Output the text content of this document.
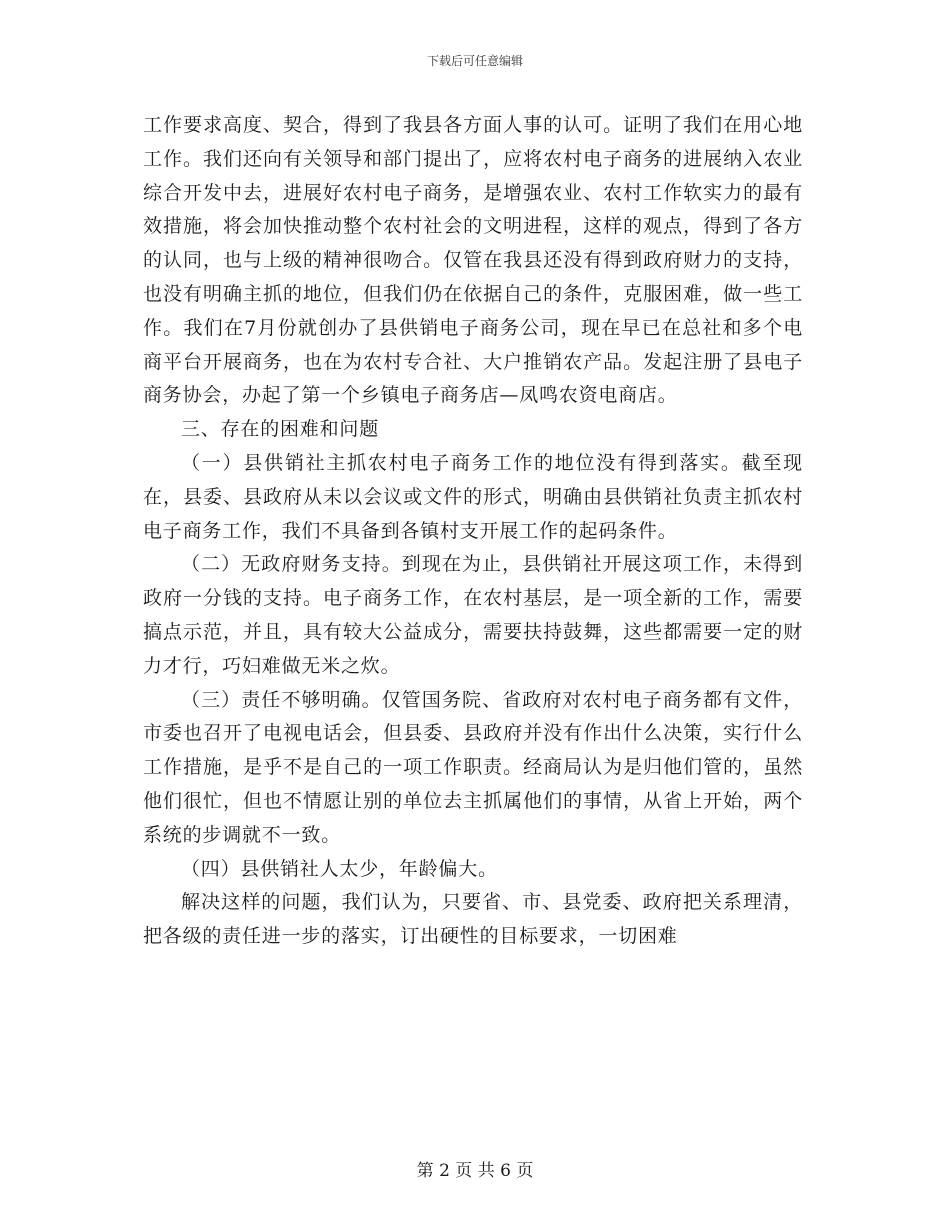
下载后可任意编辑

工作要求高度、契合，得到了我县各方面人事的认可。证明了我们在用心地工作。我们还向有关领导和部门提出了，应将农村电子商务的进展纳入农业综合开发中去，进展好农村电子商务，是增强农业、农村工作软实力的最有效措施，将会加快推动整个农村社会的文明进程，这样的观点，得到了各方的认同，也与上级的精神很吻合。仅管在我县还没有得到政府财力的支持，也没有明确主抓的地位，但我们仍在依据自己的条件，克服困难，做一些工作。我们在7月份就创办了县供销电子商务公司，现在早已在总社和多个电商平台开展商务，也在为农村专合社、大户推销农产品。发起注册了县电子商务协会，办起了第一个乡镇电子商务店—凤鸣农资电商店。

三、存在的困难和问题

（一）县供销社主抓农村电子商务工作的地位没有得到落实。截至现在，县委、县政府从未以会议或文件的形式，明确由县供销社负责主抓农村电子商务工作，我们不具备到各镇村支开展工作的起码条件。

（二）无政府财务支持。到现在为止，县供销社开展这项工作，未得到政府一分钱的支持。电子商务工作，在农村基层，是一项全新的工作，需要搞点示范，并且，具有较大公益成分，需要扶持鼓舞，这些都需要一定的财力才行，巧妇难做无米之炊。

（三）责任不够明确。仅管国务院、省政府对农村电子商务都有文件，市委也召开了电视电话会，但县委、县政府并没有作出什么决策，实行什么工作措施，是乎不是自己的一项工作职责。经商局认为是归他们管的，虽然他们很忙，但也不情愿让别的单位去主抓属他们的事情，从省上开始，两个系统的步调就不一致。

（四）县供销社人太少，年龄偏大。

解决这样的问题，我们认为，只要省、市、县党委、政府把关系理清，把各级的责任进一步的落实，订出硬性的目标要求，一切困难

第 2 页 共 6 页
